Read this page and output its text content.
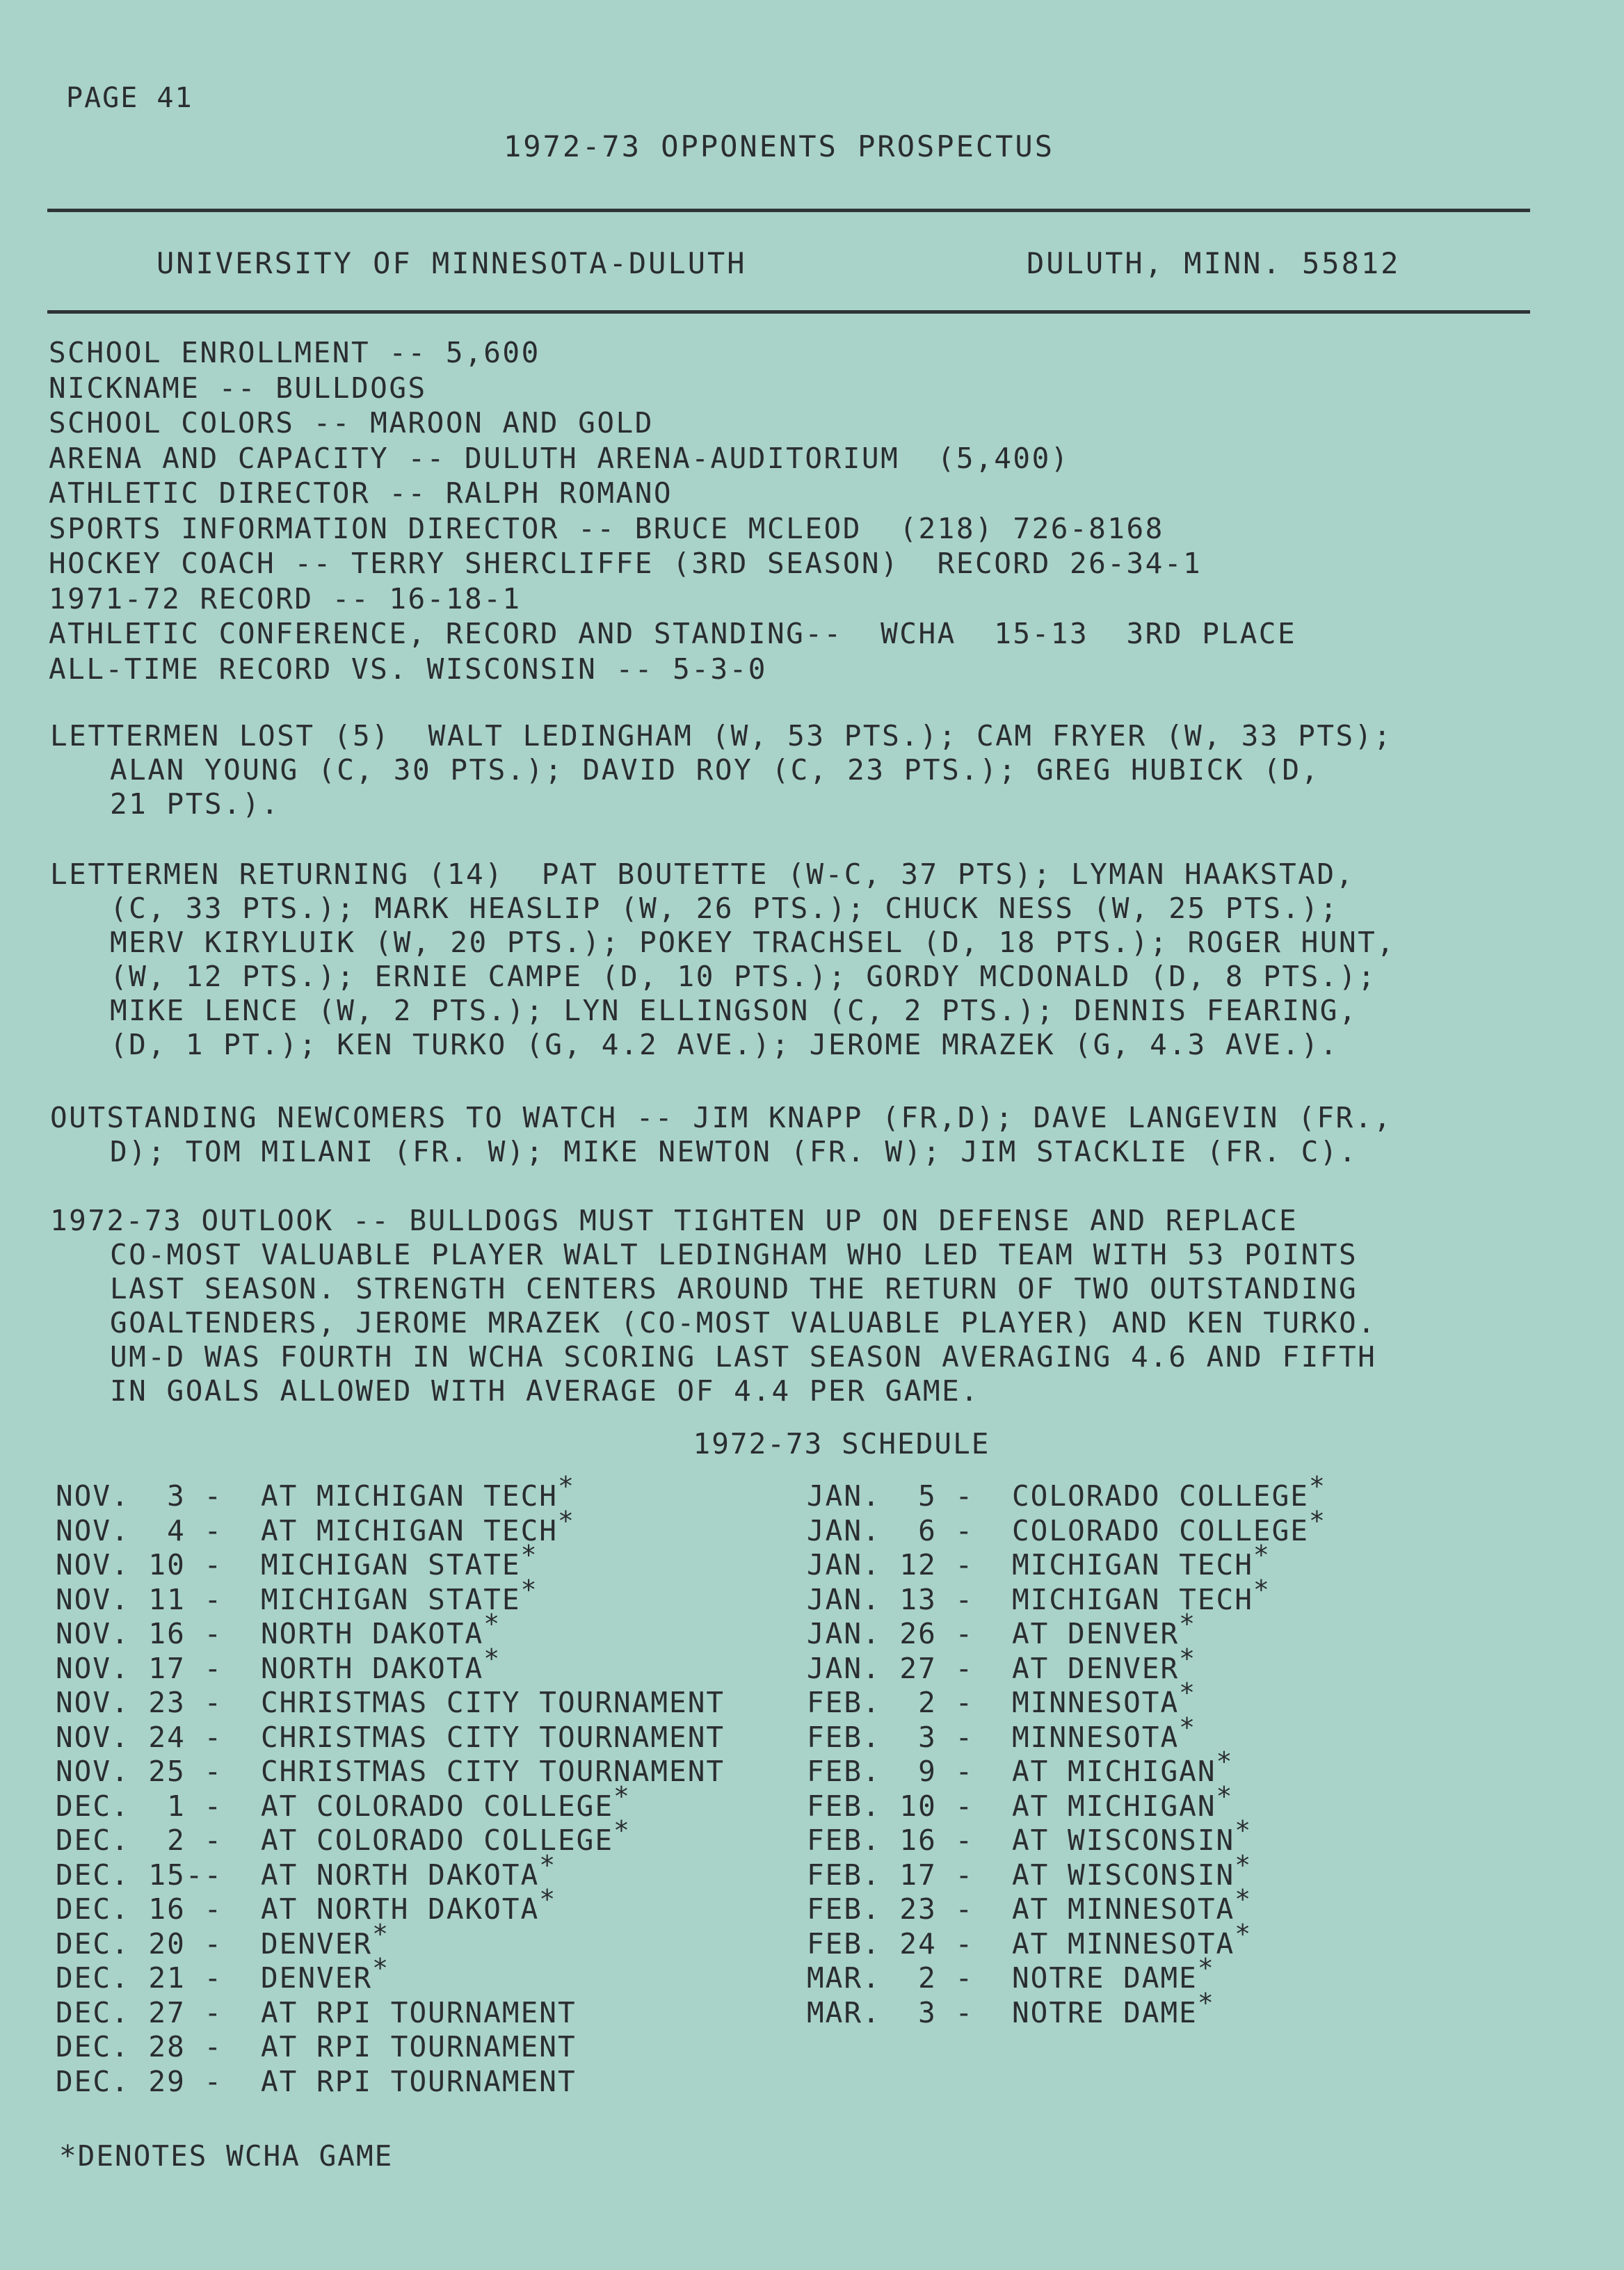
PAGE 41
1972-73 OPPONENTS PROSPECTUS
UNIVERSITY OF MINNESOTA-DULUTH	DULUTH, MINN. 55812
SCHOOL ENROLLMENT -- 5,600
NICKNAME -- BULLDOGS
SCHOOL COLORS -- MAROON AND GOLD
ARENA AND CAPACITY -- DULUTH ARENA-AUDITORIUM  (5,400)
ATHLETIC DIRECTOR -- RALPH ROMANO
SPORTS INFORMATION DIRECTOR -- BRUCE MCLEOD  (218) 726-8168
HOCKEY COACH -- TERRY SHERCLIFFE (3RD SEASON)  RECORD 26-34-1
1971-72 RECORD -- 16-18-1
ATHLETIC CONFERENCE, RECORD AND STANDING--  WCHA  15-13  3RD PLACE
ALL-TIME RECORD VS. WISCONSIN -- 5-3-0
LETTERMEN LOST (5)  WALT LEDINGHAM (W, 53 PTS.); CAM FRYER (W, 33 PTS);
ALAN YOUNG (C, 30 PTS.); DAVID ROY (C, 23 PTS.); GREG HUBICK (D,
21 PTS.).
LETTERMEN RETURNING (14)  PAT BOUTETTE (W-C, 37 PTS); LYMAN HAAKSTAD,
(C, 33 PTS.); MARK HEASLIP (W, 26 PTS.); CHUCK NESS (W, 25 PTS.);
MERV KIRYLUIK (W, 20 PTS.); POKEY TRACHSEL (D, 18 PTS.); ROGER HUNT,
(W, 12 PTS.); ERNIE CAMPE (D, 10 PTS.); GORDY MCDONALD (D, 8 PTS.);
MIKE LENCE (W, 2 PTS.); LYN ELLINGSON (C, 2 PTS.); DENNIS FEARING,
(D, 1 PT.); KEN TURKO (G, 4.2 AVE.); JEROME MRAZEK (G, 4.3 AVE.).
OUTSTANDING NEWCOMERS TO WATCH -- JIM KNAPP (FR,D); DAVE LANGEVIN (FR.,
D); TOM MILANI (FR. W); MIKE NEWTON (FR. W); JIM STACKLIE (FR. C).
1972-73 OUTLOOK -- BULLDOGS MUST TIGHTEN UP ON DEFENSE AND REPLACE
CO-MOST VALUABLE PLAYER WALT LEDINGHAM WHO LED TEAM WITH 53 POINTS
LAST SEASON. STRENGTH CENTERS AROUND THE RETURN OF TWO OUTSTANDING
GOALTENDERS, JEROME MRAZEK (CO-MOST VALUABLE PLAYER) AND KEN TURKO.
UM-D WAS FOURTH IN WCHA SCORING LAST SEASON AVERAGING 4.6 AND FIFTH
IN GOALS ALLOWED WITH AVERAGE OF 4.4 PER GAME.
1972-73 SCHEDULE
NOV.  3 -	AT MICHIGAN TECH *
NOV.  4 -	AT MICHIGAN TECH *
NOV. 10 -	MICHIGAN STATE *
NOV. 11 -	MICHIGAN STATE *
NOV. 16 -	NORTH DAKOTA *
NOV. 17 -	NORTH DAKOTA *
NOV. 23 -	CHRISTMAS CITY TOURNAMENT
NOV. 24 -	CHRISTMAS CITY TOURNAMENT
NOV. 25 -	CHRISTMAS CITY TOURNAMENT
DEC.  1 -	AT COLORADO COLLEGE *
DEC.  2 -	AT COLORADO COLLEGE *
DEC. 15--	AT NORTH DAKOTA *
DEC. 16 -	AT NORTH DAKOTA *
DEC. 20 -	DENVER *
DEC. 21 -	DENVER *
DEC. 27 -	AT RPI TOURNAMENT
DEC. 28 -	AT RPI TOURNAMENT
DEC. 29 -	AT RPI TOURNAMENT
JAN.  5 -	COLORADO COLLEGE *
JAN.  6 -	COLORADO COLLEGE *
JAN. 12 -	MICHIGAN TECH *
JAN. 13 -	MICHIGAN TECH *
JAN. 26 -	AT DENVER *
JAN. 27 -	AT DENVER *
FEB.  2 -	MINNESOTA *
FEB.  3 -	MINNESOTA *
FEB.  9 -	AT MICHIGAN *
FEB. 10 -	AT MICHIGAN *
FEB. 16 -	AT WISCONSIN *
FEB. 17 -	AT WISCONSIN *
FEB. 23 -	AT MINNESOTA *
FEB. 24 -	AT MINNESOTA *
MAR.  2 -	NOTRE DAME *
MAR.  3 -	NOTRE DAME *
*DENOTES WCHA GAME
